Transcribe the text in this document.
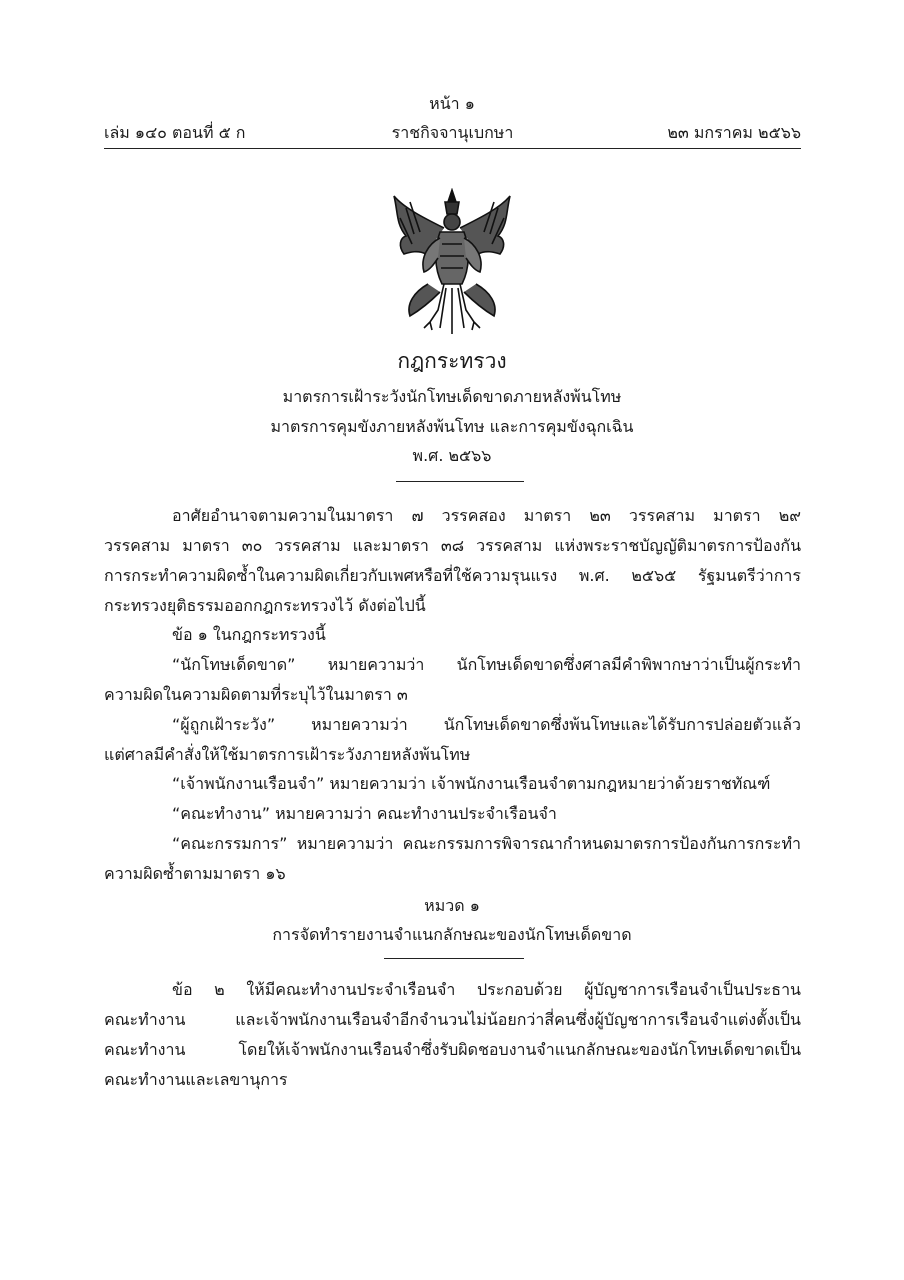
หน้า ๑
เล่ม ๑๔๐ ตอนที่ ๕ ก	ราชกิจจานุเบกษา	๒๓ มกราคม ๒๕๖๖
กฎกระทรวง
มาตรการเฝ้าระวังนักโทษเด็ดขาดภายหลังพ้นโทษ
มาตรการคุมขังภายหลังพ้นโทษ และการคุมขังฉุกเฉิน
พ.ศ. ๒๕๖๖
อาศัยอำนาจตามความในมาตรา ๗ วรรคสอง มาตรา ๒๓ วรรคสาม มาตรา ๒๙
วรรคสาม มาตรา ๓๐ วรรคสาม และมาตรา ๓๘ วรรคสาม แห่งพระราชบัญญัติมาตรการป้องกัน
การกระทำความผิดซ้ำในความผิดเกี่ยวกับเพศหรือที่ใช้ความรุนแรง พ.ศ. ๒๕๖๕ รัฐมนตรีว่าการ
กระทรวงยุติธรรมออกกฎกระทรวงไว้ ดังต่อไปนี้
ข้อ ๑ ในกฎกระทรวงนี้
“นักโทษเด็ดขาด” หมายความว่า นักโทษเด็ดขาดซึ่งศาลมีคำพิพากษาว่าเป็นผู้กระทำ
ความผิดในความผิดตามที่ระบุไว้ในมาตรา ๓
“ผู้ถูกเฝ้าระวัง” หมายความว่า นักโทษเด็ดขาดซึ่งพ้นโทษและได้รับการปล่อยตัวแล้ว
แต่ศาลมีคำสั่งให้ใช้มาตรการเฝ้าระวังภายหลังพ้นโทษ
“เจ้าพนักงานเรือนจำ” หมายความว่า เจ้าพนักงานเรือนจำตามกฎหมายว่าด้วยราชทัณฑ์
“คณะทำงาน” หมายความว่า คณะทำงานประจำเรือนจำ
“คณะกรรมการ” หมายความว่า คณะกรรมการพิจารณากำหนดมาตรการป้องกันการกระทำ
ความผิดซ้ำตามมาตรา ๑๖
หมวด ๑
การจัดทำรายงานจำแนกลักษณะของนักโทษเด็ดขาด
ข้อ ๒ ให้มีคณะทำงานประจำเรือนจำ ประกอบด้วย ผู้บัญชาการเรือนจำเป็นประธาน
คณะทำงาน และเจ้าพนักงานเรือนจำอีกจำนวนไม่น้อยกว่าสี่คนซึ่งผู้บัญชาการเรือนจำแต่งตั้งเป็น
คณะทำงาน โดยให้เจ้าพนักงานเรือนจำซึ่งรับผิดชอบงานจำแนกลักษณะของนักโทษเด็ดขาดเป็น
คณะทำงานและเลขานุการ
